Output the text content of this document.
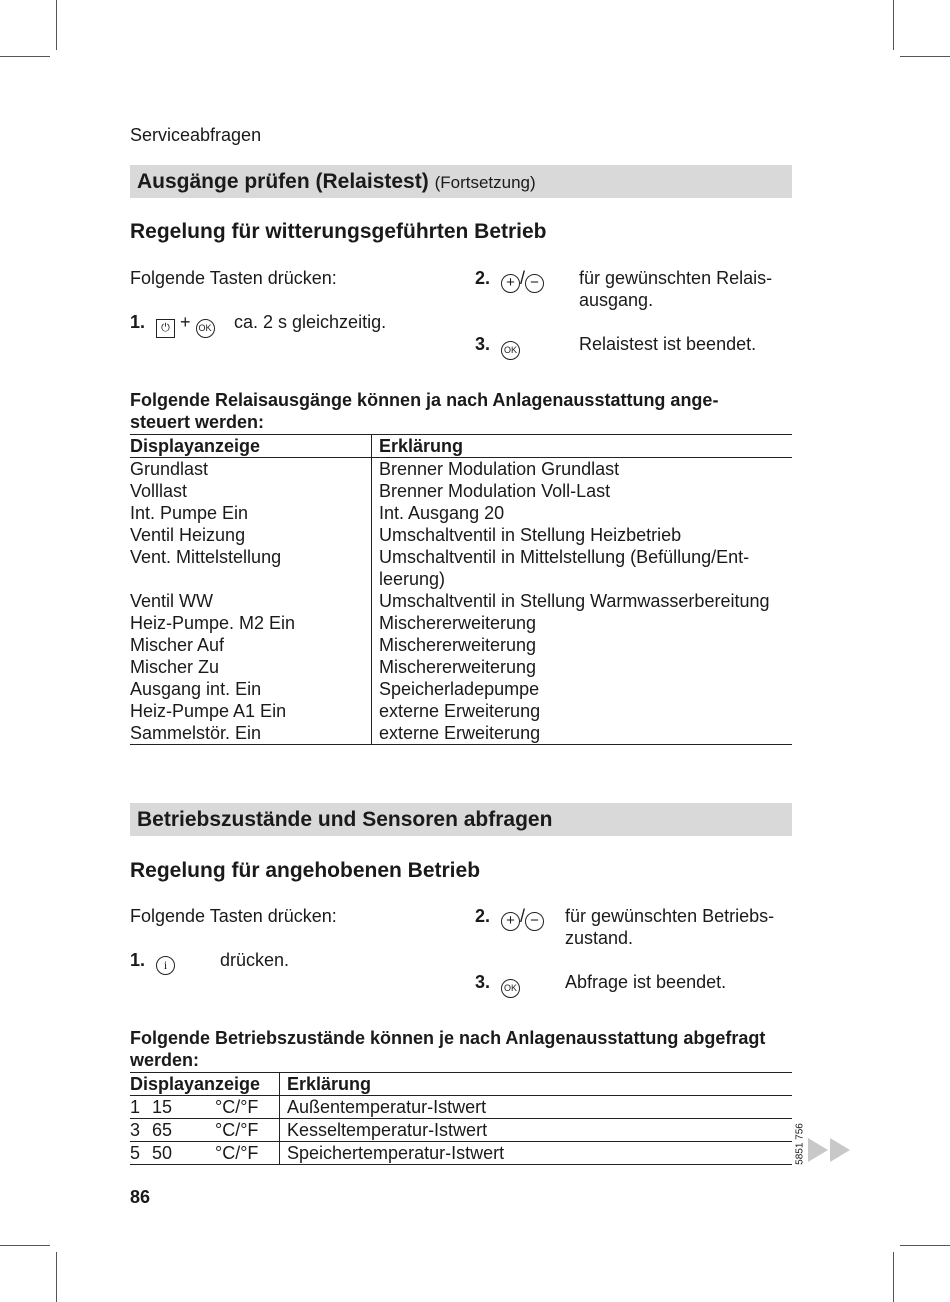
Serviceabfragen
Ausgänge prüfen (Relaistest) (Fortsetzung)
Regelung für witterungsgeführten Betrieb
Folgende Tasten drücken:
1.	⏻ + OK ca. 2 s gleichzeitig.
2.	+ / − für gewünschten Relais-
ausgang.
3.	OK	Relaistest ist beendet.
Folgende Relaisausgänge können ja nach Anlagenausstattung ange-
steuert werden:
Displayanzeige	Erklärung
Grundlast	Brenner Modulation Grundlast
Volllast	Brenner Modulation Voll-Last
Int. Pumpe Ein	Int. Ausgang 20
Ventil Heizung	Umschaltventil in Stellung Heizbetrieb
Vent. Mittelstellung	Umschaltventil in Mittelstellung (Befüllung/Ent-leerung)
Ventil WW	Umschaltventil in Stellung Warmwasserbereitung
Heiz-Pumpe. M2 Ein	Mischererweiterung
Mischer Auf	Mischererweiterung
Mischer Zu	Mischererweiterung
Ausgang int. Ein	Speicherladepumpe
Heiz-Pumpe A1 Ein	externe Erweiterung
Sammelstör. Ein	externe Erweiterung
Betriebszustände und Sensoren abfragen
Regelung für angehobenen Betrieb
Folgende Tasten drücken:
1.	i	drücken.
2.	+ / − für gewünschten Betriebs-
zustand.
3.	OK	Abfrage ist beendet.
Folgende Betriebszustände können je nach Anlagenausstattung abgefragt
werden:
Displayanzeige			Erklärung
1	15	°C/°F	Außentemperatur-Istwert
3	65	°C/°F	Kesseltemperatur-Istwert
5	50	°C/°F	Speichertemperatur-Istwert	5851 756
86
